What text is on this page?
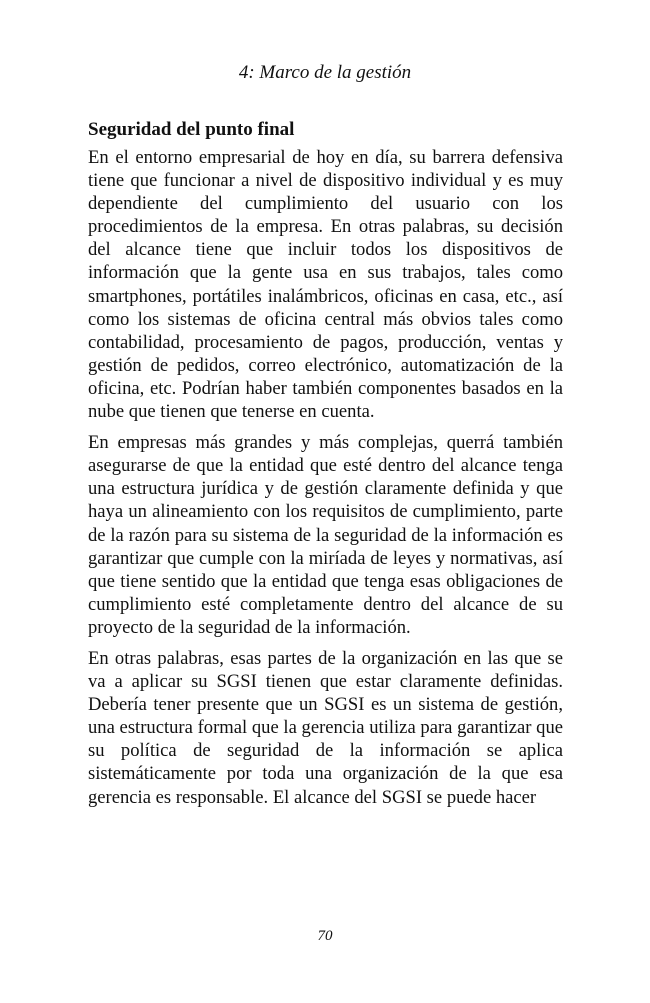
4: Marco de la gestión
Seguridad del punto final

En el entorno empresarial de hoy en día, su barrera defensiva tiene que funcionar a nivel de dispositivo individual y es muy dependiente del cumplimiento del usuario con los procedimientos de la empresa. En otras palabras, su decisión del alcance tiene que incluir todos los dispositivos de información que la gente usa en sus trabajos, tales como smartphones, portátiles inalámbricos, oficinas en casa, etc., así como los sistemas de oficina central más obvios tales como contabilidad, procesamiento de pagos, producción, ventas y gestión de pedidos, correo electrónico, automatización de la oficina, etc. Podrían haber también componentes basados en la nube que tienen que tenerse en cuenta.

En empresas más grandes y más complejas, querrá también asegurarse de que la entidad que esté dentro del alcance tenga una estructura jurídica y de gestión claramente definida y que haya un alineamiento con los requisitos de cumplimiento, parte de la razón para su sistema de la seguridad de la información es garantizar que cumple con la miríada de leyes y normativas, así que tiene sentido que la entidad que tenga esas obligaciones de cumplimiento esté completamente dentro del alcance de su proyecto de la seguridad de la información.

En otras palabras, esas partes de la organización en las que se va a aplicar su SGSI tienen que estar claramente definidas. Debería tener presente que un SGSI es un sistema de gestión, una estructura formal que la gerencia utiliza para garantizar que su política de seguridad de la información se aplica sistemáticamente por toda una organización de la que esa gerencia es responsable. El alcance del SGSI se puede hacer

70
